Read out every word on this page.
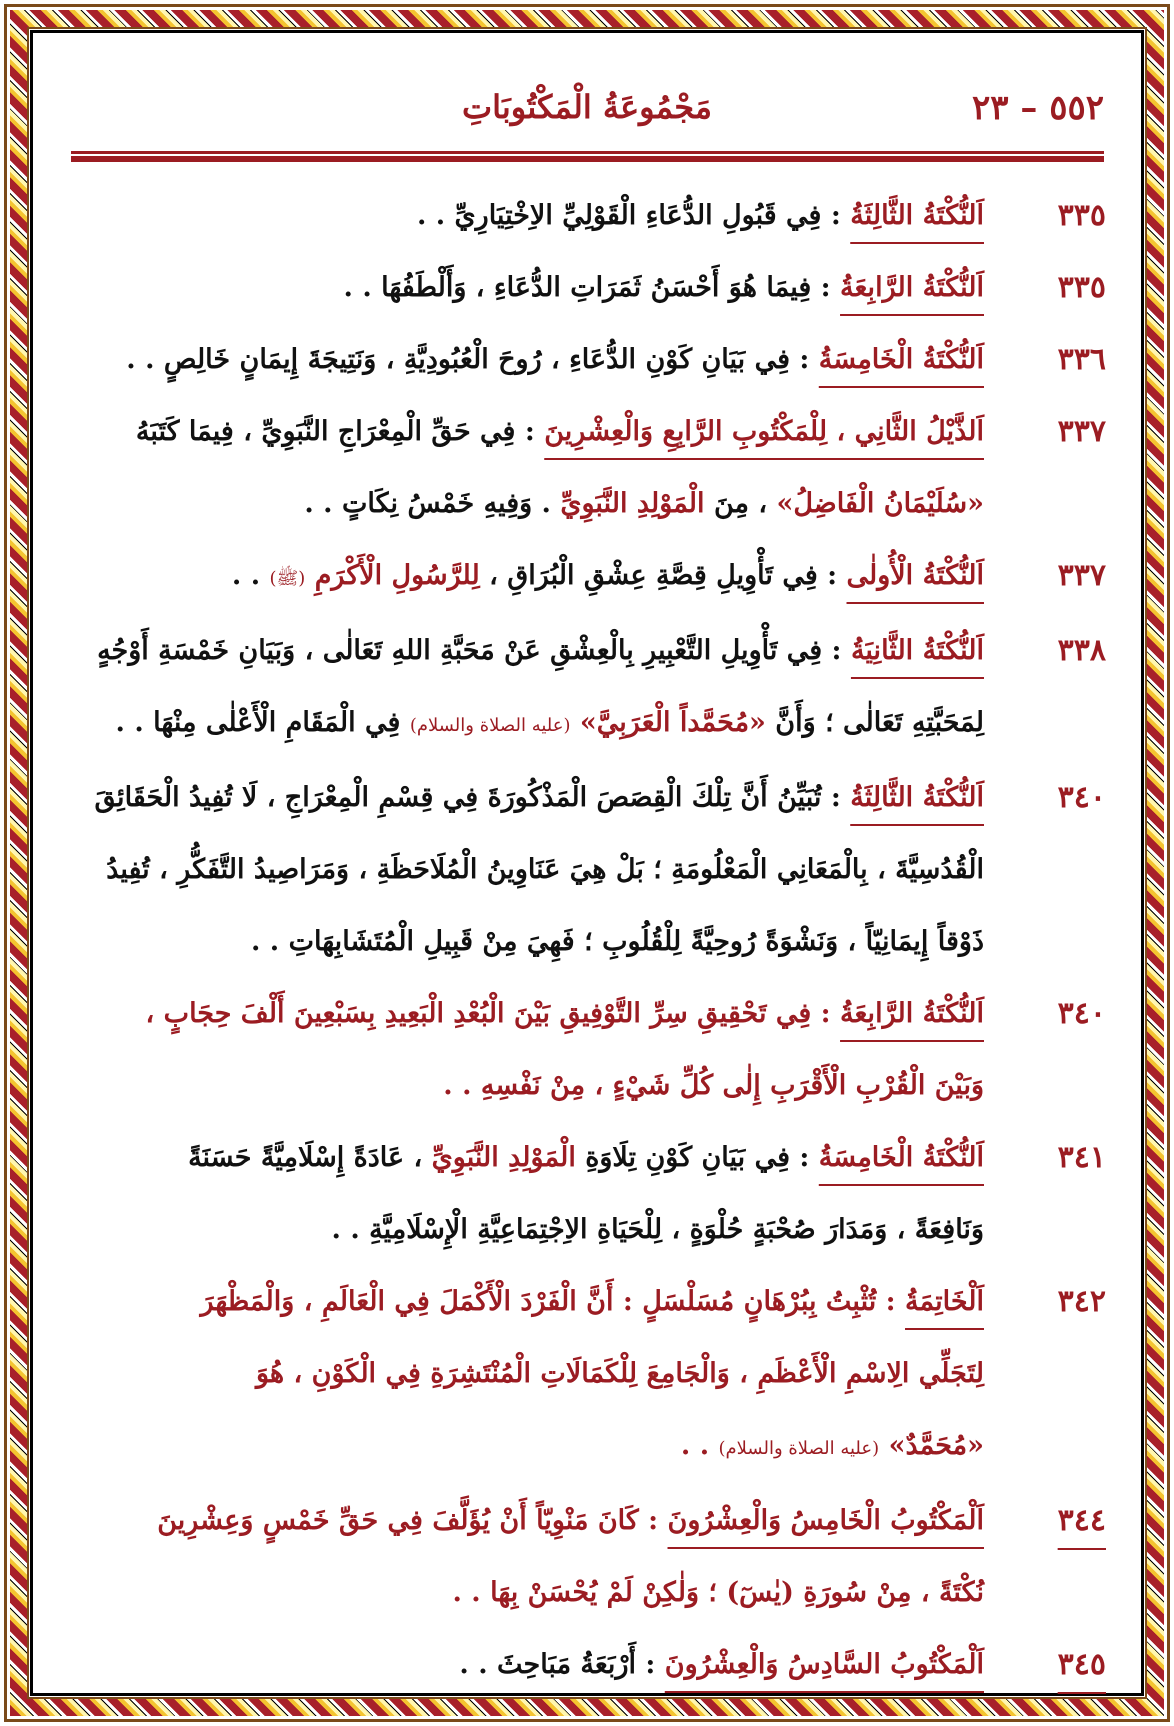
٥٥٢ – ٢٣
مَجْمُوعَةُ الْمَكْتُوبَاتِ
٣٣٥
اَلنُّكْتَةُ الثَّالِثَةُ : فِي قَبُولِ الدُّعَاءِ الْقَوْلِيِّ الاِخْتِيَارِيِّ . .
٣٣٥
اَلنُّكْتَةُ الرَّابِعَةُ : فِيمَا هُوَ أَحْسَنُ ثَمَرَاتِ الدُّعَاءِ ، وَأَلْطَفُهَا . .
٣٣٦
اَلنُّكْتَةُ الْخَامِسَةُ : فِي بَيَانِ كَوْنِ الدُّعَاءِ ، رُوحَ الْعُبُودِيَّةِ ، وَنَتِيجَةَ إِيمَانٍ خَالِصٍ . .
٣٣٧
اَلذَّيْلُ الثَّانِي ، لِلْمَكْتُوبِ الرَّابِعِ وَالْعِشْرِينَ : فِي حَقِّ الْمِعْرَاجِ النَّبَوِيِّ ، فِيمَا كَتَبَهُ
«سُلَيْمَانُ الْفَاضِلُ» ، مِنَ الْمَوْلِدِ النَّبَوِيِّ . وَفِيهِ خَمْسُ نِكَاتٍ . .
٣٣٧
اَلنُّكْتَةُ الْأُولٰى : فِي تَأْوِيلِ قِصَّةِ عِشْقِ الْبُرَاقِ ، لِلرَّسُولِ الْأَكْرَمِ (ﷺ) . .
٣٣٨
اَلنُّكْتَةُ الثَّانِيَةُ : فِي تَأْوِيلِ التَّعْبِيرِ بِالْعِشْقِ عَنْ مَحَبَّةِ اللهِ تَعَالٰى ، وَبَيَانِ خَمْسَةِ أَوْجُهٍ
لِمَحَبَّتِهِ تَعَالٰى ؛ وَأَنَّ «مُحَمَّداً الْعَرَبِيَّ» (عليه الصلاة والسلام) فِي الْمَقَامِ الْأَعْلٰى مِنْهَا . .
٣٤٠
اَلنُّكْتَةُ الثَّالِثَةُ : تُبَيِّنُ أَنَّ تِلْكَ الْقِصَصَ الْمَذْكُورَةَ فِي قِسْمِ الْمِعْرَاجِ ، لَا تُفِيدُ الْحَقَائِقَ
الْقُدُسِيَّةَ ، بِالْمَعَانِي الْمَعْلُومَةِ ؛ بَلْ هِيَ عَنَاوِينُ الْمُلَاحَظَةِ ، وَمَرَاصِيدُ التَّفَكُّرِ ، تُفِيدُ
ذَوْقاً إِيمَانِيّاً ، وَنَشْوَةً رُوحِيَّةً لِلْقُلُوبِ ؛ فَهِيَ مِنْ قَبِيلِ الْمُتَشَابِهَاتِ . .
٣٤٠
اَلنُّكْتَةُ الرَّابِعَةُ : فِي تَحْقِيقِ سِرِّ التَّوْفِيقِ بَيْنَ الْبُعْدِ الْبَعِيدِ بِسَبْعِينَ أَلْفَ حِجَابٍ ،
وَبَيْنَ الْقُرْبِ الْأَقْرَبِ إِلٰى كُلِّ شَيْءٍ ، مِنْ نَفْسِهِ . .
٣٤١
اَلنُّكْتَةُ الْخَامِسَةُ : فِي بَيَانِ كَوْنِ تِلَاوَةِ الْمَوْلِدِ النَّبَوِيِّ ، عَادَةً إِسْلَامِيَّةً حَسَنَةً
وَنَافِعَةً ، وَمَدَارَ صُحْبَةٍ حُلْوَةٍ ، لِلْحَيَاةِ الاِجْتِمَاعِيَّةِ الْإِسْلَامِيَّةِ . .
٣٤٢
اَلْخَاتِمَةُ : تُثْبِتُ بِبُرْهَانٍ مُسَلْسَلٍ : أَنَّ الْفَرْدَ الْأَكْمَلَ فِي الْعَالَمِ ، وَالْمَظْهَرَ
لِتَجَلِّي الِاسْمِ الْأَعْظَمِ ، وَالْجَامِعَ لِلْكَمَالَاتِ الْمُنْتَشِرَةِ فِي الْكَوْنِ ، هُوَ
«مُحَمَّدٌ» (عليه الصلاة والسلام) . .
٣٤٤
اَلْمَكْتُوبُ الْخَامِسُ وَالْعِشْرُونَ : كَانَ مَنْوِيّاً أَنْ يُؤَلَّفَ فِي حَقِّ خَمْسٍ وَعِشْرِينَ
نُكْتَةً ، مِنْ سُورَةِ (يٰسٓ) ؛ وَلٰكِنْ لَمْ يُحْسَنْ بِهَا . .
٣٤٥
اَلْمَكْتُوبُ السَّادِسُ وَالْعِشْرُونَ : أَرْبَعَةُ مَبَاحِثَ . .
